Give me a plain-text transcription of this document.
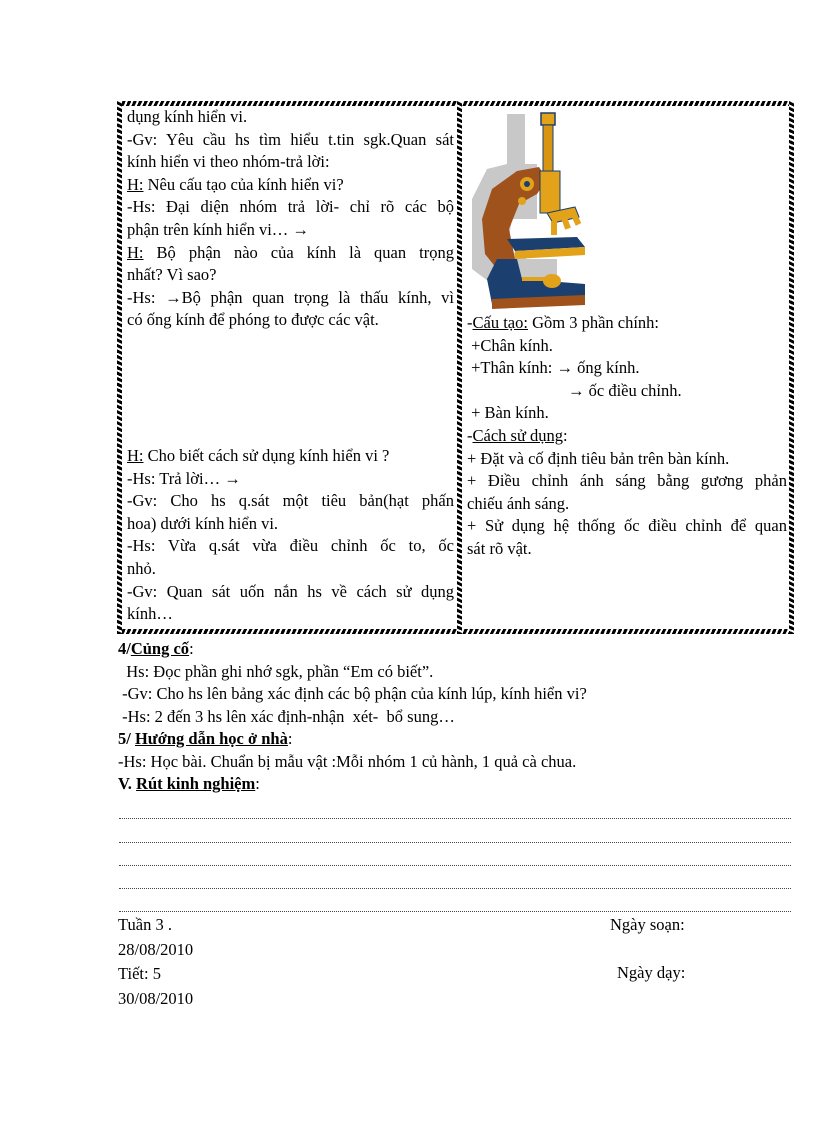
dụng kính hiển vi.
-Gv: Yêu cầu hs tìm hiểu t.tin sgk.Quan sát
kính hiển vi theo nhóm-trả lời:
H: Nêu cấu tạo của kính hiển vi?
-Hs: Đại diện nhóm trả lời- chỉ rõ các bộ
phận trên kính hiển vi… →
H: Bộ phận nào của kính là quan trọng
nhất? Vì sao?
-Hs: →Bộ phận quan trọng là thấu kính, vì
có ống kính để phóng to được các vật.
H: Cho biết cách sử dụng kính hiển vi ?
-Hs: Trả lời… →
-Gv: Cho hs q.sát một tiêu bản(hạt phấn
hoa) dưới kính hiển vi.
-Hs: Vừa q.sát vừa điều chỉnh ốc to, ốc
nhỏ.
-Gv: Quan sát uốn nắn hs về cách sử dụng
kính…
-Cấu tạo: Gồm 3 phần chính:
+Chân kính.
+Thân kính: → ống kính.
→ ốc điều chỉnh.
+ Bàn kính.
-Cách sử dụng:
+ Đặt và cố định tiêu bản trên bàn kính.
+ Điều chỉnh ánh sáng bằng gương phản
chiếu ánh sáng.
+ Sử dụng hệ thống ốc điều chỉnh để quan
sát rõ vật.
4/Củng cố:
Hs: Đọc phần ghi nhớ sgk, phần “Em có biết”.
-Gv: Cho hs lên bảng xác định các bộ phận của kính lúp, kính hiển vi?
-Hs: 2 đến 3 hs lên xác định-nhận  xét-  bổ sung…
5/ Hướng dẫn học ở nhà:
-Hs: Học bài. Chuẩn bị mẫu vật :Mỗi nhóm 1 củ hành, 1 quả cà chua.
V. Rút kinh nghiệm:
Tuần 3 .
28/08/2010
Tiết: 5
30/08/2010
Ngày soạn:
Ngày dạy:
